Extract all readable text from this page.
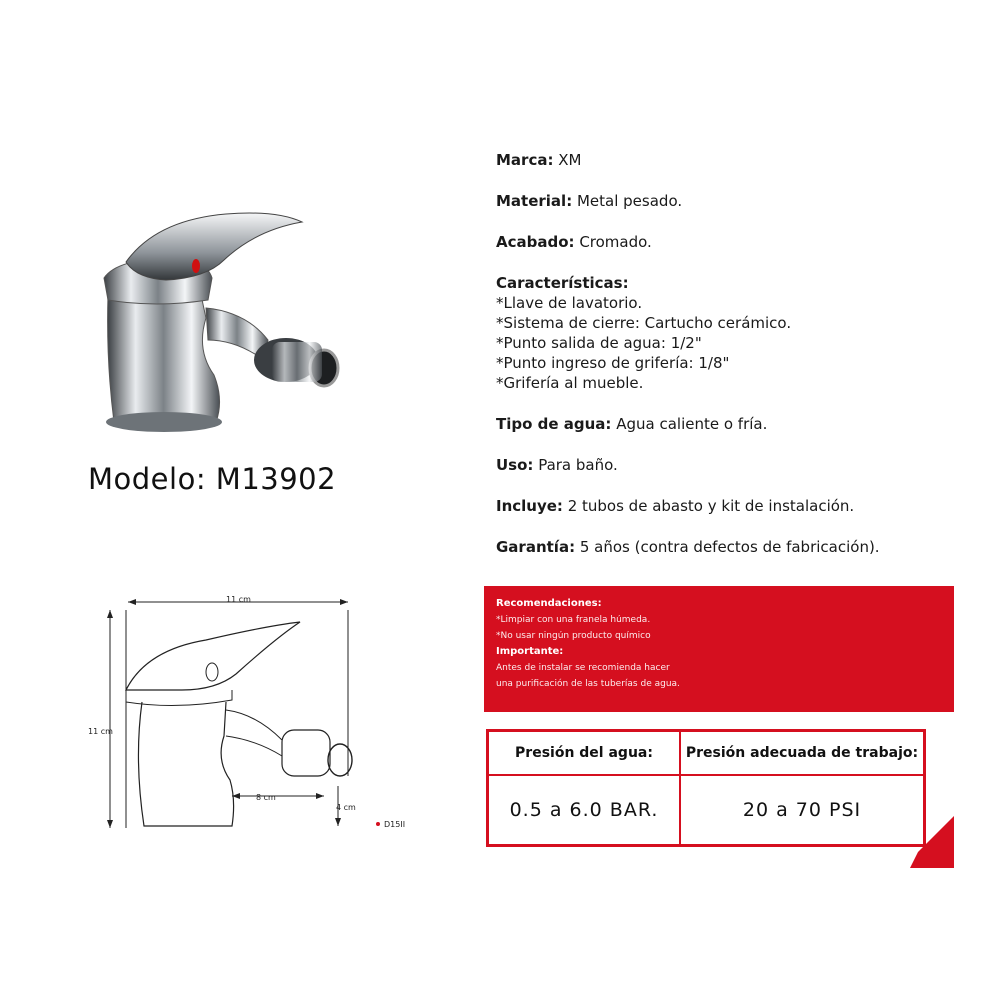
Modelo: M13902
Marca: XM
Material: Metal pesado.
Acabado: Cromado.
Características:
*Llave de lavatorio.
*Sistema de cierre: Cartucho cerámico.
*Punto salida de agua: 1/2"
*Punto ingreso de grifería: 1/8"
*Grifería al mueble.
Tipo de agua: Agua caliente o fría.
Uso: Para baño.
Incluye: 2 tubos de abasto y kit de instalación.
Garantía: 5 años (contra defectos de fabricación).
11 cm
11 cm
8 cm
4 cm
D15II
Recomendaciones:
*Limpiar con una franela húmeda.
*No usar ningún producto químico
Importante:
Antes de instalar se recomienda hacer
una purificación de las tuberías de agua.
Presión del agua:	Presión adecuada de trabajo:
0.5 a 6.0 BAR.	20 a 70 PSI
